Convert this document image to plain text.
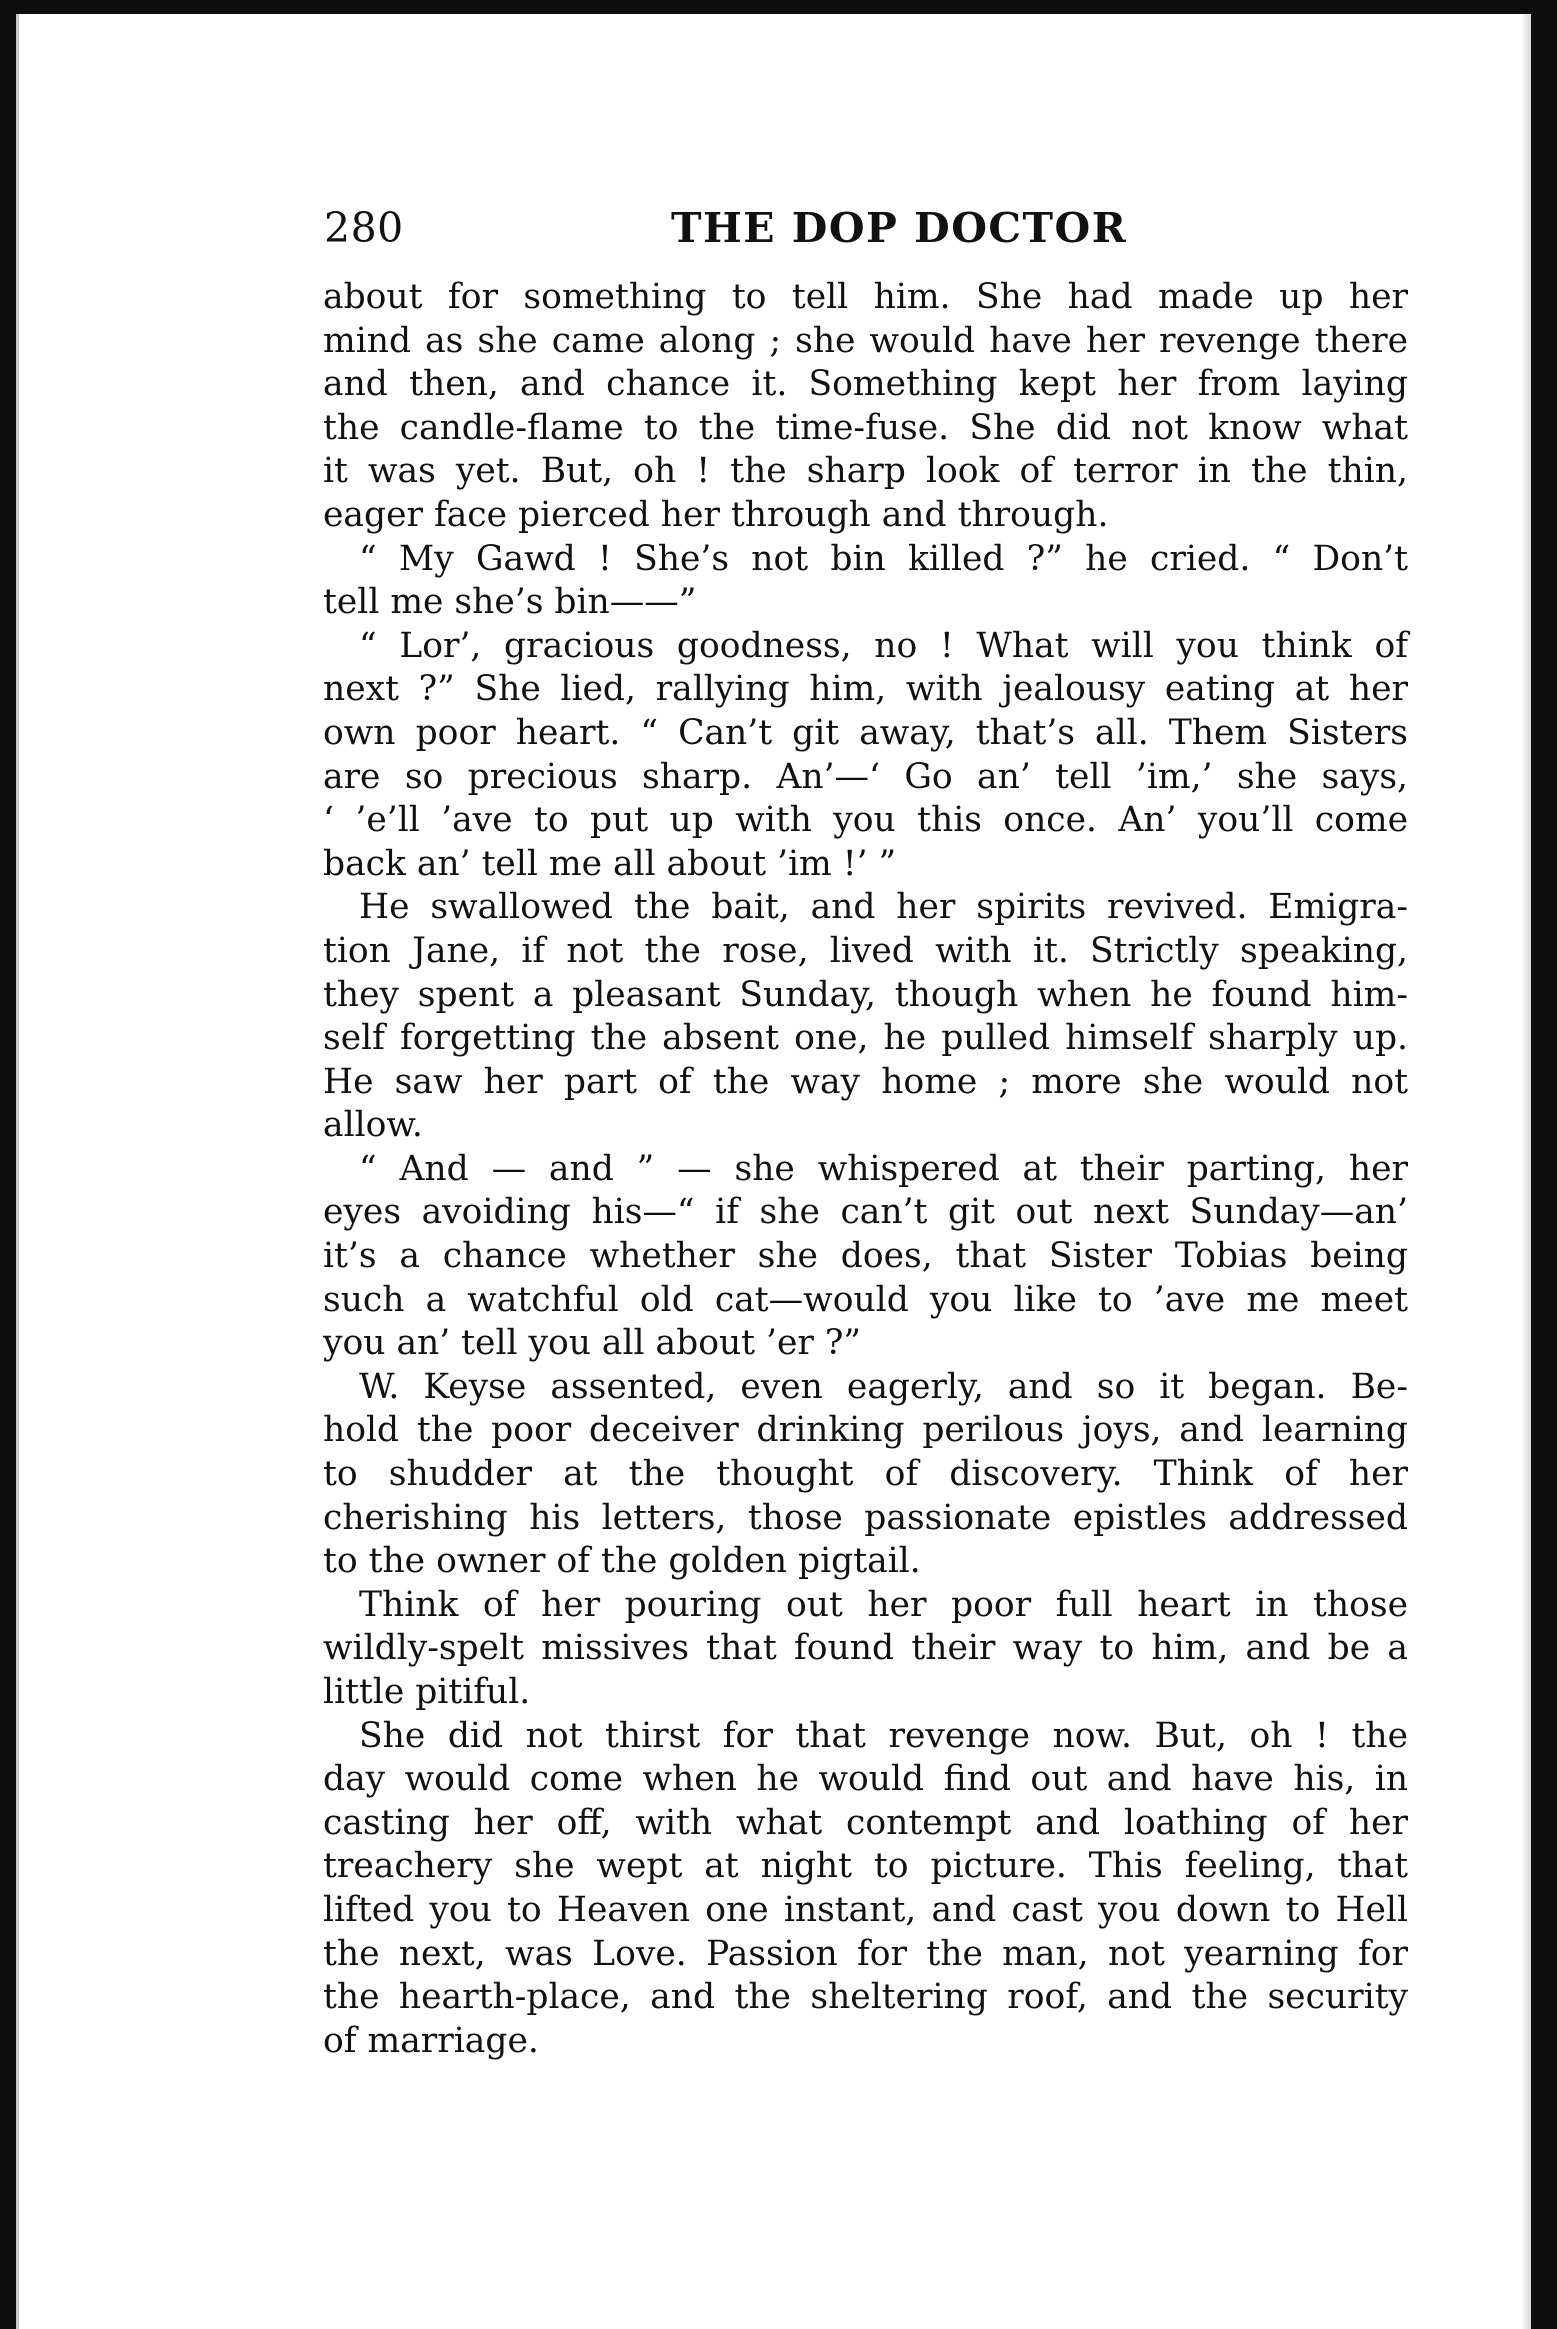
280	THE DOP DOCTOR

about for something to tell him. She had made up her
mind as she came along ; she would have her revenge there
and then, and chance it. Something kept her from laying
the candle-flame to the time-fuse. She did not know what
it was yet. But, oh ! the sharp look of terror in the thin,
eager face pierced her through and through.

“ My Gawd ! She’s not bin killed ?” he cried. “ Don’t
tell me she’s bin——”

“ Lor’, gracious goodness, no ! What will you think of
next ?” She lied, rallying him, with jealousy eating at her
own poor heart. “ Can’t git away, that’s all. Them Sisters
are so precious sharp. An’—‘ Go an’ tell ’im,’ she says,
‘ ’e’ll ’ave to put up with you this once. An’ you’ll come
back an’ tell me all about ’im !’ ”

He swallowed the bait, and her spirits revived. Emigra-
tion Jane, if not the rose, lived with it. Strictly speaking,
they spent a pleasant Sunday, though when he found him-
self forgetting the absent one, he pulled himself sharply up.
He saw her part of the way home ; more she would not
allow.

“ And — and ” — she whispered at their parting, her
eyes avoiding his—“ if she can’t git out next Sunday—an’
it’s a chance whether she does, that Sister Tobias being
such a watchful old cat—would you like to ’ave me meet
you an’ tell you all about ’er ?”

W. Keyse assented, even eagerly, and so it began. Be-
hold the poor deceiver drinking perilous joys, and learning
to shudder at the thought of discovery. Think of her
cherishing his letters, those passionate epistles addressed
to the owner of the golden pigtail.

Think of her pouring out her poor full heart in those
wildly-spelt missives that found their way to him, and be a
little pitiful.

She did not thirst for that revenge now. But, oh ! the
day would come when he would find out and have his, in
casting her off, with what contempt and loathing of her
treachery she wept at night to picture. This feeling, that
lifted you to Heaven one instant, and cast you down to Hell
the next, was Love. Passion for the man, not yearning for
the hearth-place, and the sheltering roof, and the security
of marriage.
